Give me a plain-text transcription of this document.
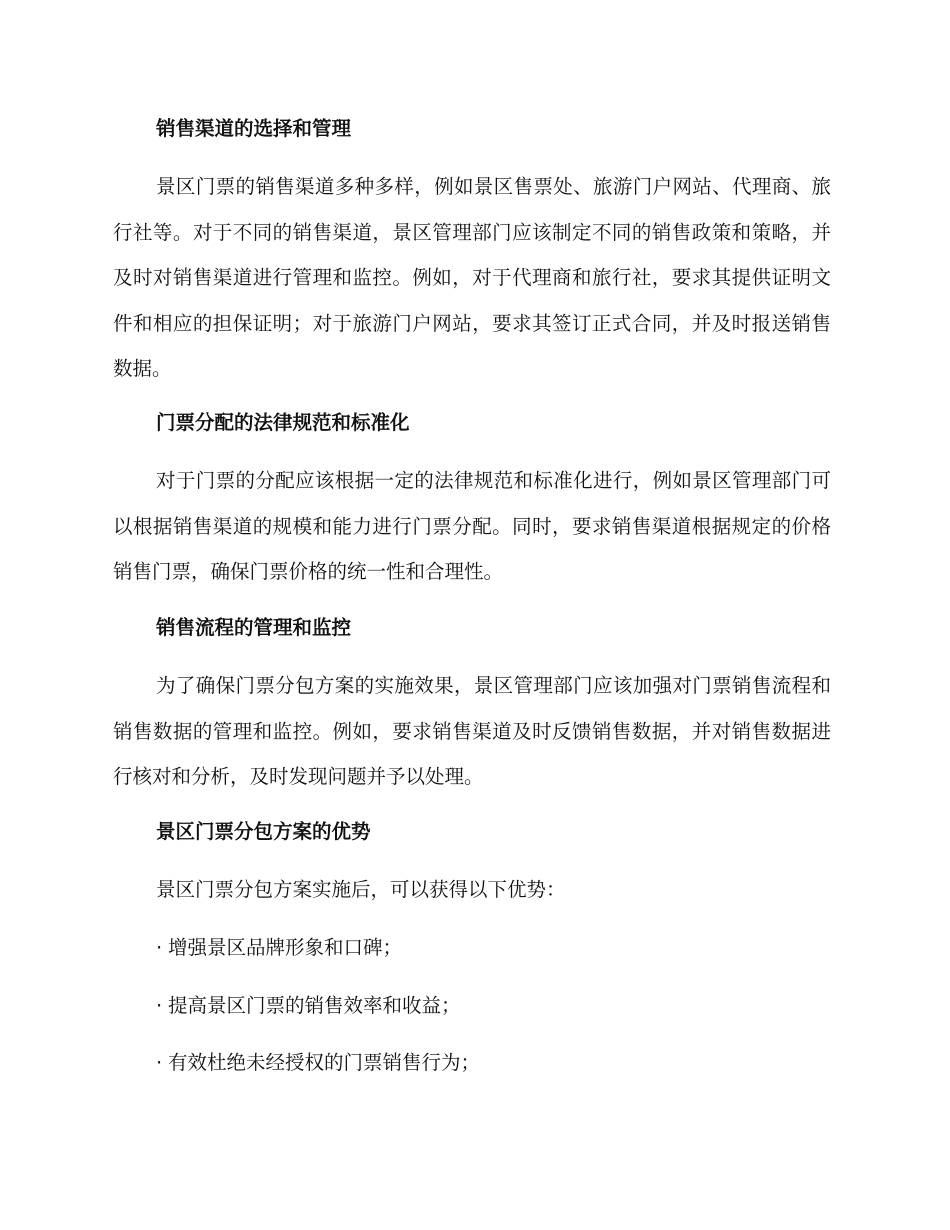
销售渠道的选择和管理
景区门票的销售渠道多种多样，例如景区售票处、旅游门户网站、代理商、旅行社等。对于不同的销售渠道，景区管理部门应该制定不同的销售政策和策略，并及时对销售渠道进行管理和监控。例如，对于代理商和旅行社，要求其提供证明文件和相应的担保证明；对于旅游门户网站，要求其签订正式合同，并及时报送销售数据。
门票分配的法律规范和标准化
对于门票的分配应该根据一定的法律规范和标准化进行，例如景区管理部门可以根据销售渠道的规模和能力进行门票分配。同时，要求销售渠道根据规定的价格销售门票，确保门票价格的统一性和合理性。
销售流程的管理和监控
为了确保门票分包方案的实施效果，景区管理部门应该加强对门票销售流程和销售数据的管理和监控。例如，要求销售渠道及时反馈销售数据，并对销售数据进行核对和分析，及时发现问题并予以处理。
景区门票分包方案的优势
景区门票分包方案实施后，可以获得以下优势：
· 增强景区品牌形象和口碑；
· 提高景区门票的销售效率和收益；
· 有效杜绝未经授权的门票销售行为；
